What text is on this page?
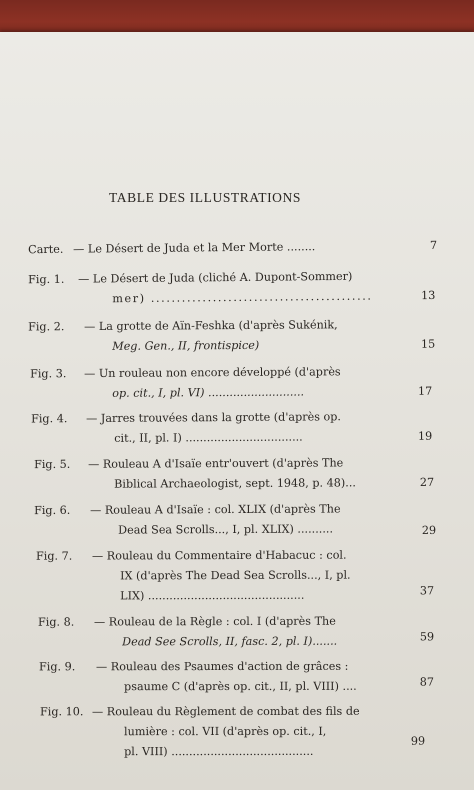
TABLE DES ILLUSTRATIONS
Carte. — Le Désert de Juda et la Mer Morte ........	7
Fig. 1. — Le Désert de Juda (cliché A. Dupont-Sommer)
mer) ...........................................	13
Fig. 2. — La grotte de Aïn-Feshka (d'après Sukénik,
Meg. Gen., II, frontispice)	15
Fig. 3. — Un rouleau non encore développé (d'après
op. cit., I, pl. VI) ...........................	17
Fig. 4. — Jarres trouvées dans la grotte (d'après op.
cit., II, pl. I) .................................	19
Fig. 5. — Rouleau A d'Isaïe entr'ouvert (d'après The
Biblical Archaeologist, sept. 1948, p. 48)...	27
Fig. 6. — Rouleau A d'Isaïe : col. XLIX (d'après The
Dead Sea Scrolls..., I, pl. XLIX) ..........	29
Fig. 7. — Rouleau du Commentaire d'Habacuc : col.
IX (d'après The Dead Sea Scrolls..., I, pl.
LIX) ............................................	37
Fig. 8. — Rouleau de la Règle : col. I (d'après The
Dead See Scrolls, II, fasc. 2, pl. I).......	59
Fig. 9. — Rouleau des Psaumes d'action de grâces :
psaume C (d'après op. cit., II, pl. VIII) ....	87
Fig. 10. — Rouleau du Règlement de combat des fils de
lumière : col. VII (d'après op. cit., I,
pl. VIII) ........................................
99
